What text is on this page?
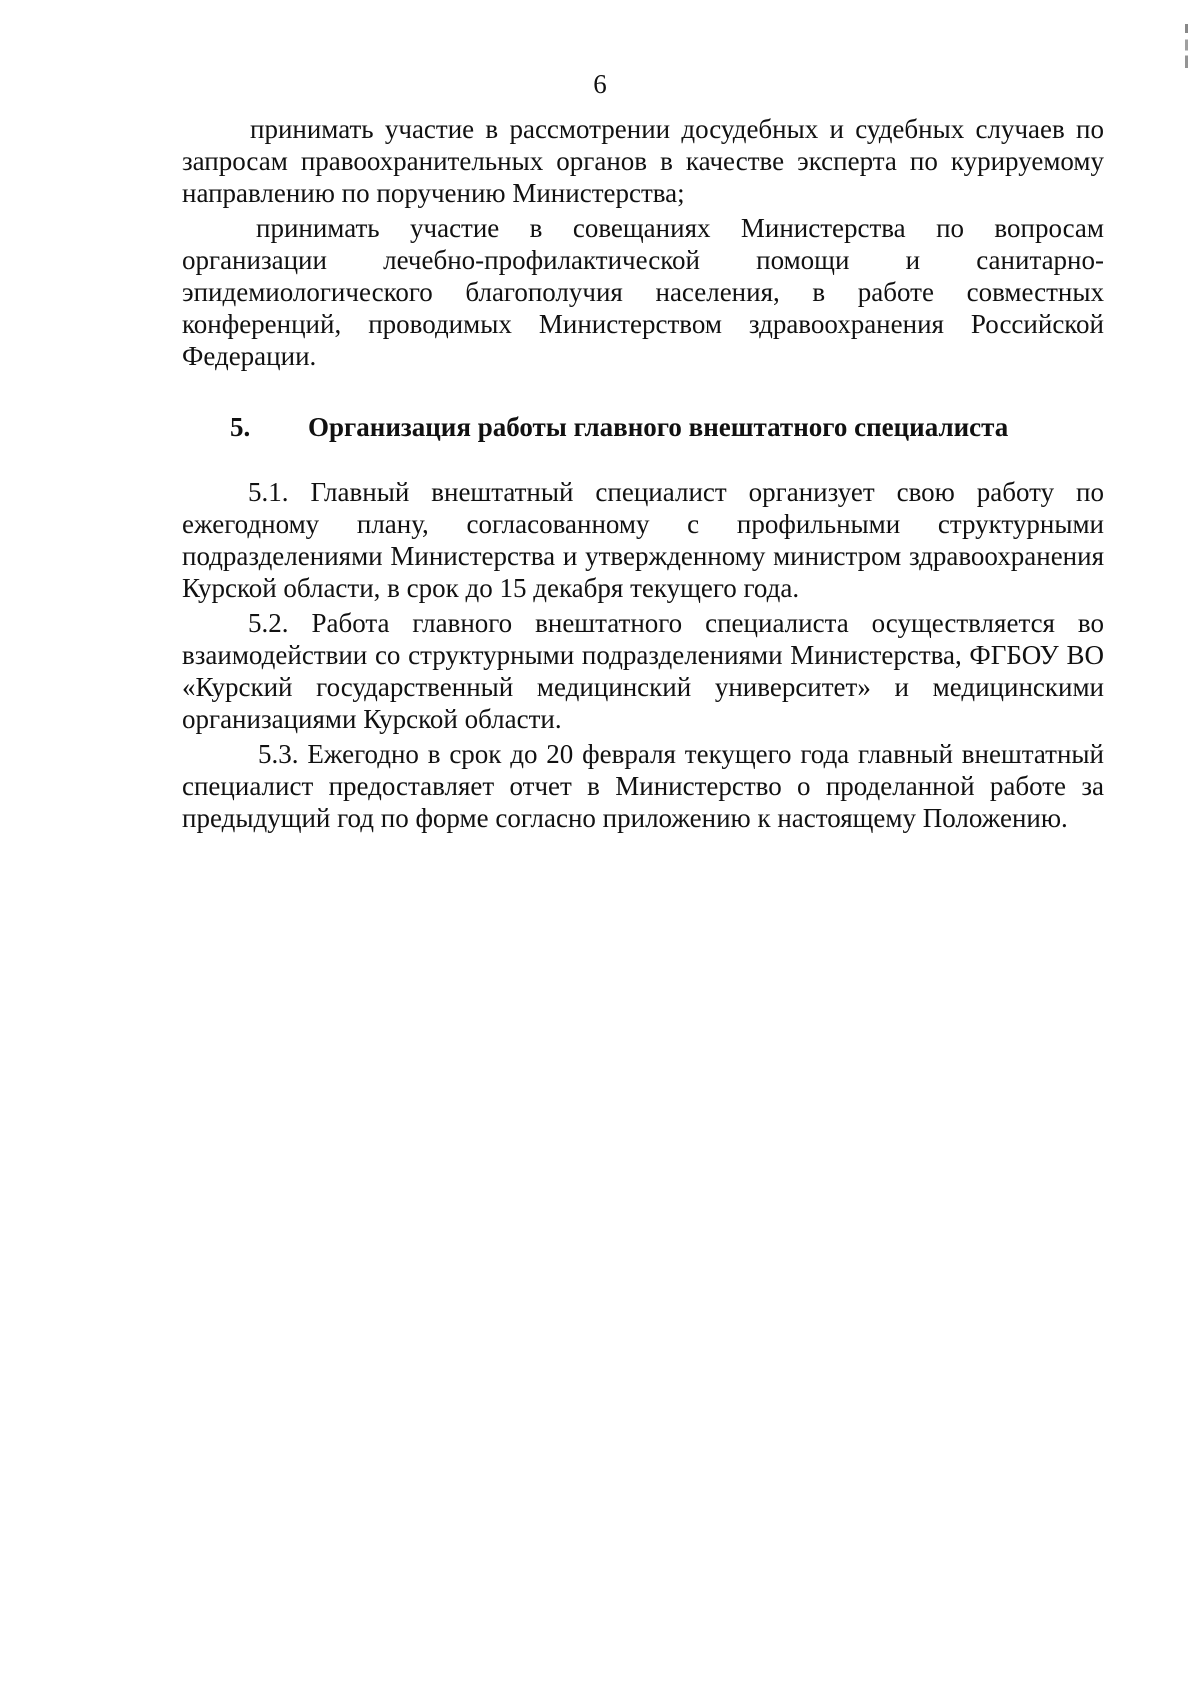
6
принимать участие в рассмотрении досудебных и судебных случаев по запросам правоохранительных органов в качестве эксперта по курируемому направлению по поручению Министерства;
принимать участие в совещаниях Министерства по вопросам организации лечебно-профилактической помощи и санитарно-эпидемиологического благополучия населения, в работе совместных конференций, проводимых Министерством здравоохранения Российской Федерации.
5. Организация работы главного внештатного специалиста
5.1. Главный внештатный специалист организует свою работу по ежегодному плану, согласованному с профильными структурными подразделениями Министерства и утвержденному министром здравоохранения Курской области, в срок до 15 декабря текущего года.
5.2. Работа главного внештатного специалиста осуществляется во взаимодействии со структурными подразделениями Министерства, ФГБОУ ВО «Курский государственный медицинский университет» и медицинскими организациями Курской области.
5.3. Ежегодно в срок до 20 февраля текущего года главный внештатный специалист предоставляет отчет в Министерство о проделанной работе за предыдущий год по форме согласно приложению к настоящему Положению.
